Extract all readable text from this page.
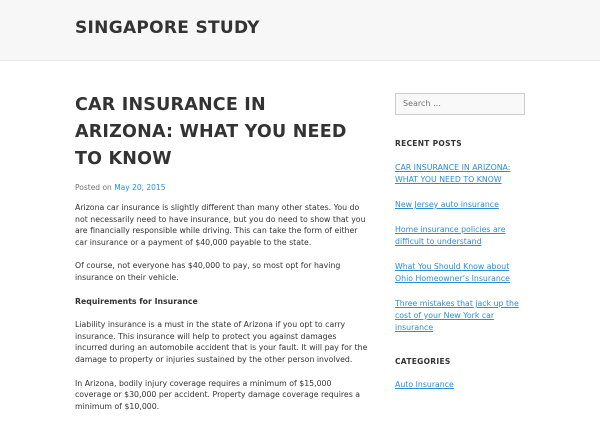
SINGAPORE STUDY
CAR INSURANCE IN ARIZONA: WHAT YOU NEED TO KNOW
Posted on May 20, 2015

Arizona car insurance is slightly different than many other states. You do not necessarily need to have insurance, but you do need to show that you are financially responsible while driving. This can take the form of either car insurance or a payment of $40,000 payable to the state.

Of course, not everyone has $40,000 to pay, so most opt for having insurance on their vehicle.

Requirements for Insurance

Liability insurance is a must in the state of Arizona if you opt to carry insurance. This insurance will help to protect you against damages incurred during an automobile accident that is your fault. It will pay for the damage to property or injuries sustained by the other person involved.

In Arizona, bodily injury coverage requires a minimum of $15,000 coverage or $30,000 per accident. Property damage coverage requires a minimum of $10,000.

Search …
RECENT POSTS
CAR INSURANCE IN ARIZONA: WHAT YOU NEED TO KNOW
New Jersey auto insurance
Home insurance policies are difficult to understand
What You Should Know about Ohio Homeowner’s Insurance
Three mistakes that jack up the cost of your New York car insurance
CATEGORIES
Auto Insurance
